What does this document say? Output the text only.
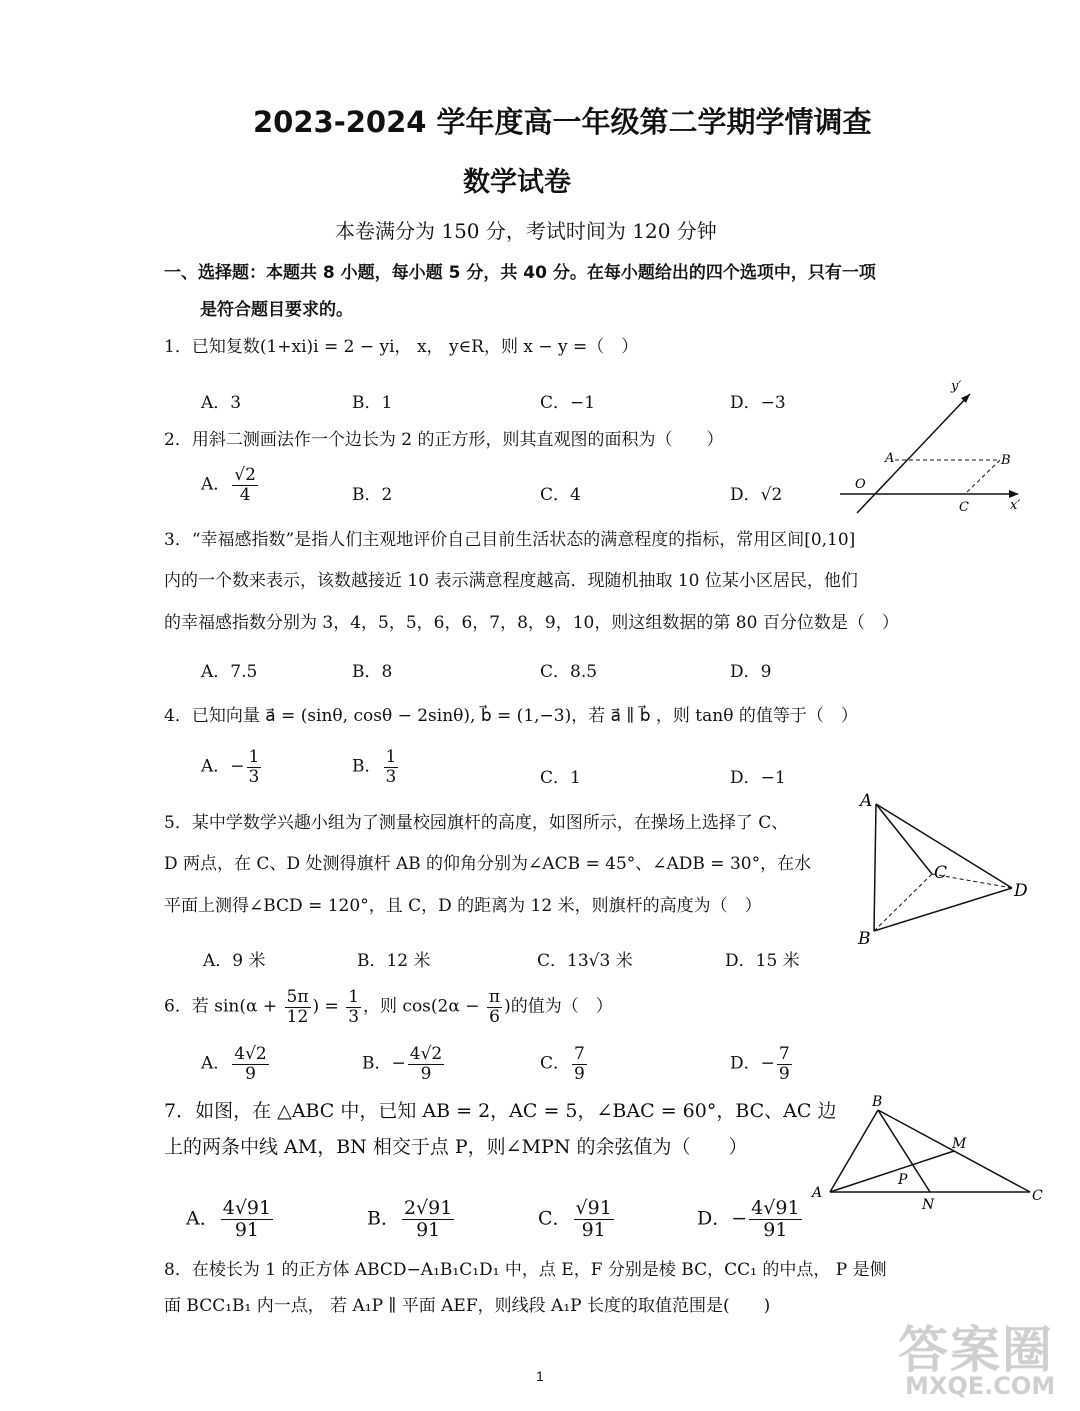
2023-2024 学年度高一年级第二学期学情调查
数学试卷
本卷满分为 150 分，考试时间为 120 分钟
一、选择题：本题共 8 小题，每小题 5 分，共 40 分。在每小题给出的四个选项中，只有一项
是符合题目要求的。
1．已知复数(1+xi)i = 2 − yi， x， y∈R，则 x − y =（　）
A．3	B．1	C．−1	D．−3
2．用斜二测画法作一个边长为 2 的正方形，则其直观图的面积为（　　）
A． $\frac{√2}{4}$	B．2	C．4	D．√2
y′
A	B
O
C	x′
3．“幸福感指数”是指人们主观地评价自己目前生活状态的满意程度的指标，常用区间[0,10]
内的一个数来表示，该数越接近 10 表示满意程度越高．现随机抽取 10 位某小区居民，他们
的幸福感指数分别为 3，4，5，5，6，6，7，8，9，10，则这组数据的第 80 百分位数是（　）
A．7.5	B．8	C．8.5	D．9
4．已知向量 a⃗ = (sinθ, cosθ − 2sinθ), b⃗ = (1,−3)，若 a⃗ ∥ b⃗ ，则 tanθ 的值等于（　）
A．− $\frac{1}{3}$	B． $\frac{1}{3}$	C．1	D．−1
5．某中学数学兴趣小组为了测量校园旗杆的高度，如图所示，在操场上选择了 C、
D 两点，在 C、D 处测得旗杆 AB 的仰角分别为∠ACB = 45°、∠ADB = 30°，在水
平面上测得∠BCD = 120°，且 C，D 的距离为 12 米，则旗杆的高度为（　）
A．9 米	B．12 米	C．13√3 米	D．15 米
A
B
C
D
6．若 $\sin(\alpha + \frac{5\pi}{12}$ ) = $\frac{1}{3}$ ，则 $\cos(2\alpha - \frac{\pi}{6}$ )的值为（　）
A． $\frac{4√2}{9}$	B．− $\frac{4√2}{9}$	C． $\frac{7}{9}$	D．− $\frac{7}{9}$
7．如图，在 △ABC 中，已知 AB = 2，AC = 5，∠BAC = 60°，BC、AC 边
上的两条中线 AM，BN 相交于点 P，则∠MPN 的余弦值为（　　）
A． $\frac{4√91}{91}$	B． $\frac{2√91}{91}$	C． $\frac{√91}{91}$	D．− $\frac{4√91}{91}$
A
B
C
M
N
P
8．在棱长为 1 的正方体 ABCD−A₁B₁C₁D₁ 中，点 E，F 分别是棱 BC，CC₁ 的中点， P 是侧
面 BCC₁B₁ 内一点， 若 A₁P ∥ 平面 AEF，则线段 A₁P 长度的取值范围是(　　)
1	答案圈
MXQE.COM
